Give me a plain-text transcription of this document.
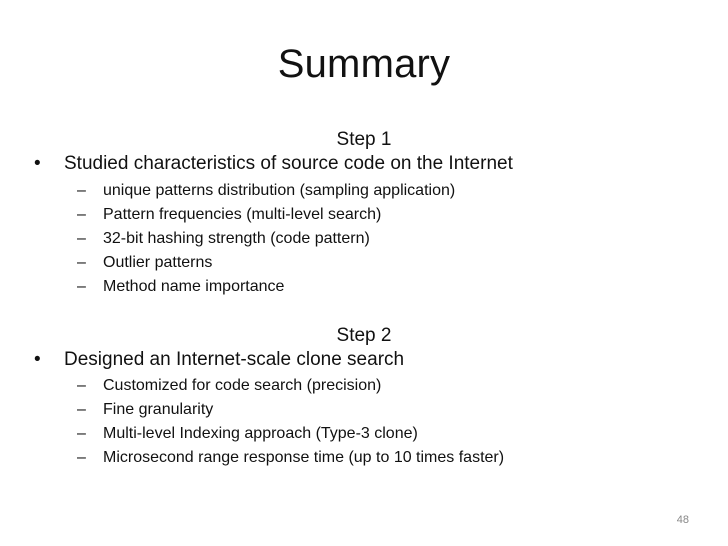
Summary
Step 1
•	Studied characteristics of source code on the Internet
–	unique patterns distribution (sampling application)
–	Pattern frequencies (multi-level search)
–	32-bit hashing strength (code pattern)
–	Outlier patterns
–	Method name importance
Step 2
•	Designed an Internet-scale clone search
–	Customized for code search (precision)
–	Fine granularity
–	Multi-level Indexing approach (Type-3 clone)
–	Microsecond range response time (up to 10 times faster)
48
